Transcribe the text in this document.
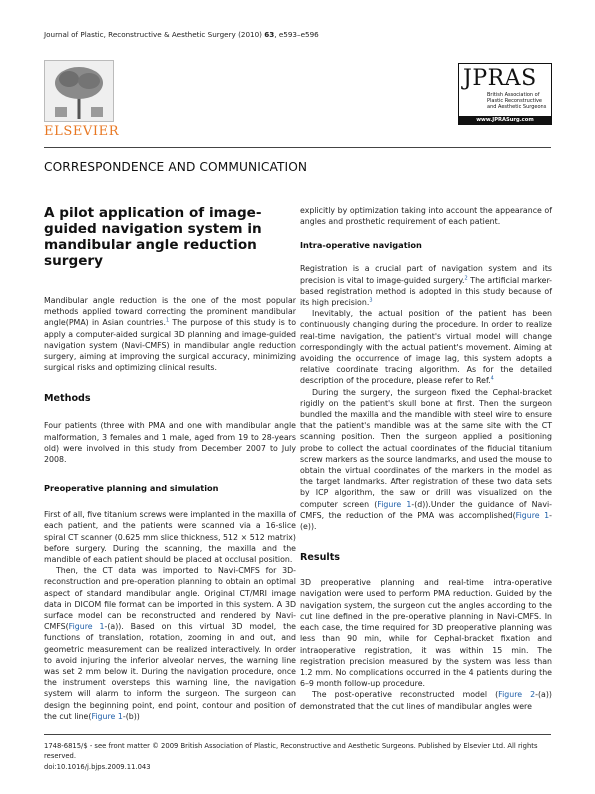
Journal of Plastic, Reconstructive & Aesthetic Surgery (2010) 63, e593–e596
ELSEVIER
JPRAS
British Association of Plastic Reconstructive and Aesthetic Surgeons
www.JPRASurg.com
CORRESPONDENCE AND COMMUNICATION
A pilot application of image-guided navigation system in mandibular angle reduction surgery

Mandibular angle reduction is the one of the most popular methods applied toward correcting the prominent mandibular angle(PMA) in Asian countries.$^1$ The purpose of this study is to apply a computer-aided surgical 3D planning and image-guided navigation system (Navi-CMFS) in mandibular angle reduction surgery, aiming at improving the surgical accuracy, minimizing surgical risks and optimizing clinical results.

Methods

Four patients (three with PMA and one with mandibular angle malformation, 3 females and 1 male, aged from 19 to 28-years old) were involved in this study from December 2007 to July 2008.

Preoperative planning and simulation

First of all, five titanium screws were implanted in the maxilla of each patient, and the patients were scanned via a 16-slice spiral CT scanner (0.625 mm slice thickness, 512 × 512 matrix) before surgery. During the scanning, the maxilla and the mandible of each patient should be placed at occlusal position.

Then, the CT data was imported to Navi-CMFS for 3D-reconstruction and pre-operation planning to obtain an optimal aspect of standard mandibular angle. Original CT/MRI image data in DICOM file format can be imported in this system. A 3D surface model can be reconstructed and rendered by Navi-CMFS(Figure 1-(a)). Based on this virtual 3D model, the functions of translation, rotation, zooming in and out, and geometric measurement can be realized interactively. In order to avoid injuring the inferior alveolar nerves, the warning line was set 2 mm below it. During the navigation procedure, once the instrument oversteps this warning line, the navigation system will alarm to inform the surgeon. The surgeon can design the beginning point, end point, contour and position of the cut line(Figure 1-(b))

explicitly by optimization taking into account the appearance of angles and prosthetic requirement of each patient.

Intra-operative navigation

Registration is a crucial part of navigation system and its precision is vital to image-guided surgery.$^2$ The artificial marker-based registration method is adopted in this study because of its high precision.$^3$

Inevitably, the actual position of the patient has been continuously changing during the procedure. In order to realize real-time navigation, the patient's virtual model will change correspondingly with the actual patient's movement. Aiming at avoiding the occurrence of image lag, this system adopts a relative coordinate tracing algorithm. As for the detailed description of the procedure, please refer to Ref.$^4$

During the surgery, the surgeon fixed the Cephal-bracket rigidly on the patient's skull bone at first. Then the surgeon bundled the maxilla and the mandible with steel wire to ensure that the patient's mandible was at the same site with the CT scanning position. Then the surgeon applied a positioning probe to collect the actual coordinates of the fiducial titanium screw markers as the source landmarks, and used the mouse to obtain the virtual coordinates of the markers in the model as the target landmarks. After registration of these two data sets by ICP algorithm, the saw or drill was visualized on the computer screen (Figure 1-(d)).Under the guidance of Navi-CMFS, the reduction of the PMA was accomplished(Figure 1-(e)).

Results

3D preoperative planning and real-time intra-operative navigation were used to perform PMA reduction. Guided by the navigation system, the surgeon cut the angles according to the cut line defined in the pre-operative planning in Navi-CMFS. In each case, the time required for 3D preoperative planning was less than 90 min, while for Cephal-bracket fixation and intraoperative registration, it was within 15 min. The registration precision measured by the system was less than 1.2 mm. No complications occurred in the 4 patients during the 6–9 month follow-up procedure.

The post-operative reconstructed model (Figure 2-(a)) demonstrated that the cut lines of mandibular angles were

1748-6815/$ - see front matter © 2009 British Association of Plastic, Reconstructive and Aesthetic Surgeons. Published by Elsevier Ltd. All rights reserved.
doi:10.1016/j.bjps.2009.11.043
